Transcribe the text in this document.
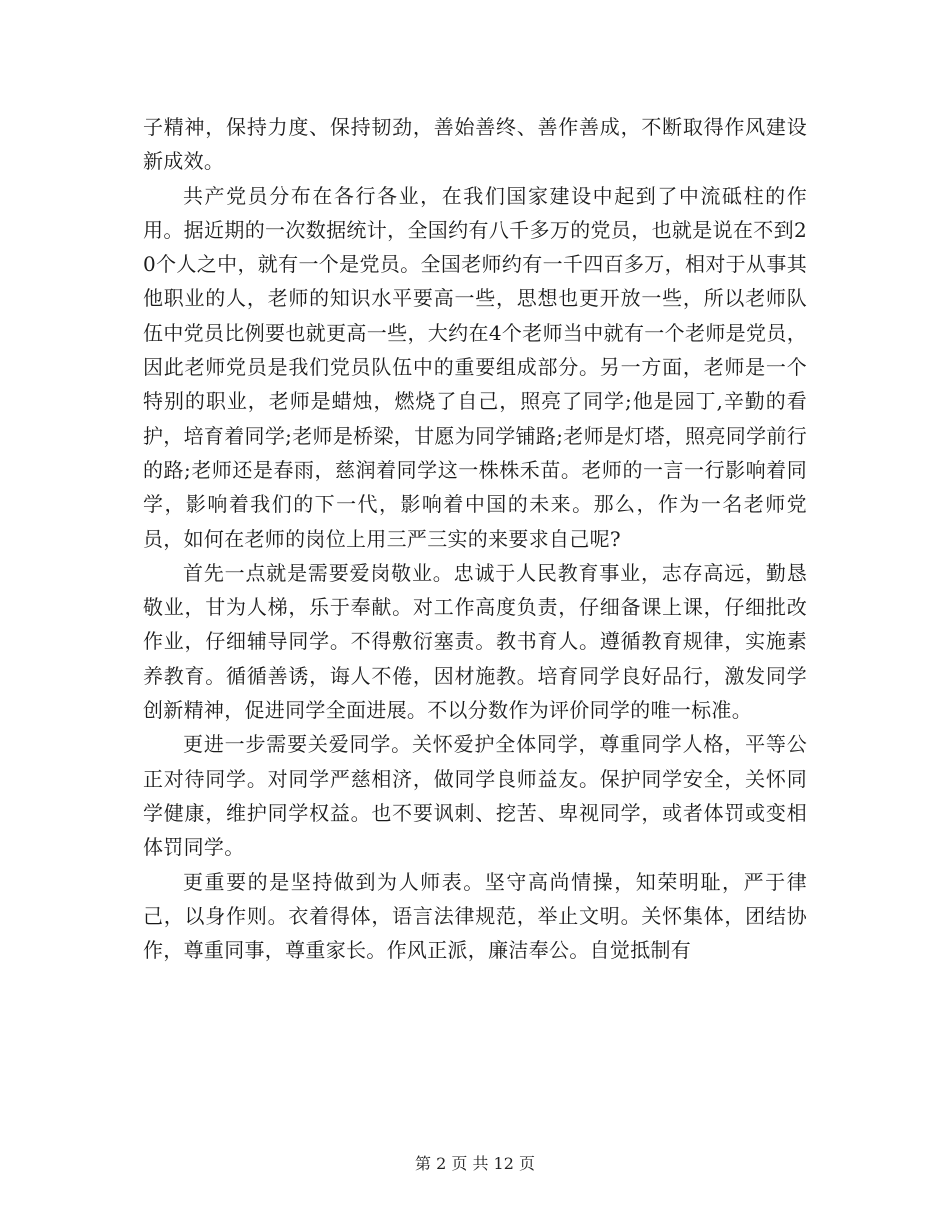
子精神，保持力度、保持韧劲，善始善终、善作善成，不断取得作风建设新成效。

共产党员分布在各行各业，在我们国家建设中起到了中流砥柱的作用。据近期的一次数据统计，全国约有八千多万的党员，也就是说在不到20个人之中，就有一个是党员。全国老师约有一千四百多万，相对于从事其他职业的人，老师的知识水平要高一些，思想也更开放一些，所以老师队伍中党员比例要也就更高一些，大约在4个老师当中就有一个老师是党员，因此老师党员是我们党员队伍中的重要组成部分。另一方面，老师是一个特别的职业，老师是蜡烛，燃烧了自己，照亮了同学;他是园丁,辛勤的看护，培育着同学;老师是桥梁，甘愿为同学铺路;老师是灯塔，照亮同学前行的路;老师还是春雨，慈润着同学这一株株禾苗。老师的一言一行影响着同学，影响着我们的下一代，影响着中国的未来。那么，作为一名老师党员，如何在老师的岗位上用三严三实的来要求自己呢?

首先一点就是需要爱岗敬业。忠诚于人民教育事业，志存高远，勤恳敬业，甘为人梯，乐于奉献。对工作高度负责，仔细备课上课，仔细批改作业，仔细辅导同学。不得敷衍塞责。教书育人。遵循教育规律，实施素养教育。循循善诱，诲人不倦，因材施教。培育同学良好品行，激发同学创新精神，促进同学全面进展。不以分数作为评价同学的唯一标准。

更进一步需要关爱同学。关怀爱护全体同学，尊重同学人格，平等公正对待同学。对同学严慈相济，做同学良师益友。保护同学安全，关怀同学健康，维护同学权益。也不要讽刺、挖苦、卑视同学，或者体罚或变相体罚同学。

更重要的是坚持做到为人师表。坚守高尚情操，知荣明耻，严于律己，以身作则。衣着得体，语言法律规范，举止文明。关怀集体，团结协作，尊重同事，尊重家长。作风正派，廉洁奉公。自觉抵制有

第 2 页 共 12 页
